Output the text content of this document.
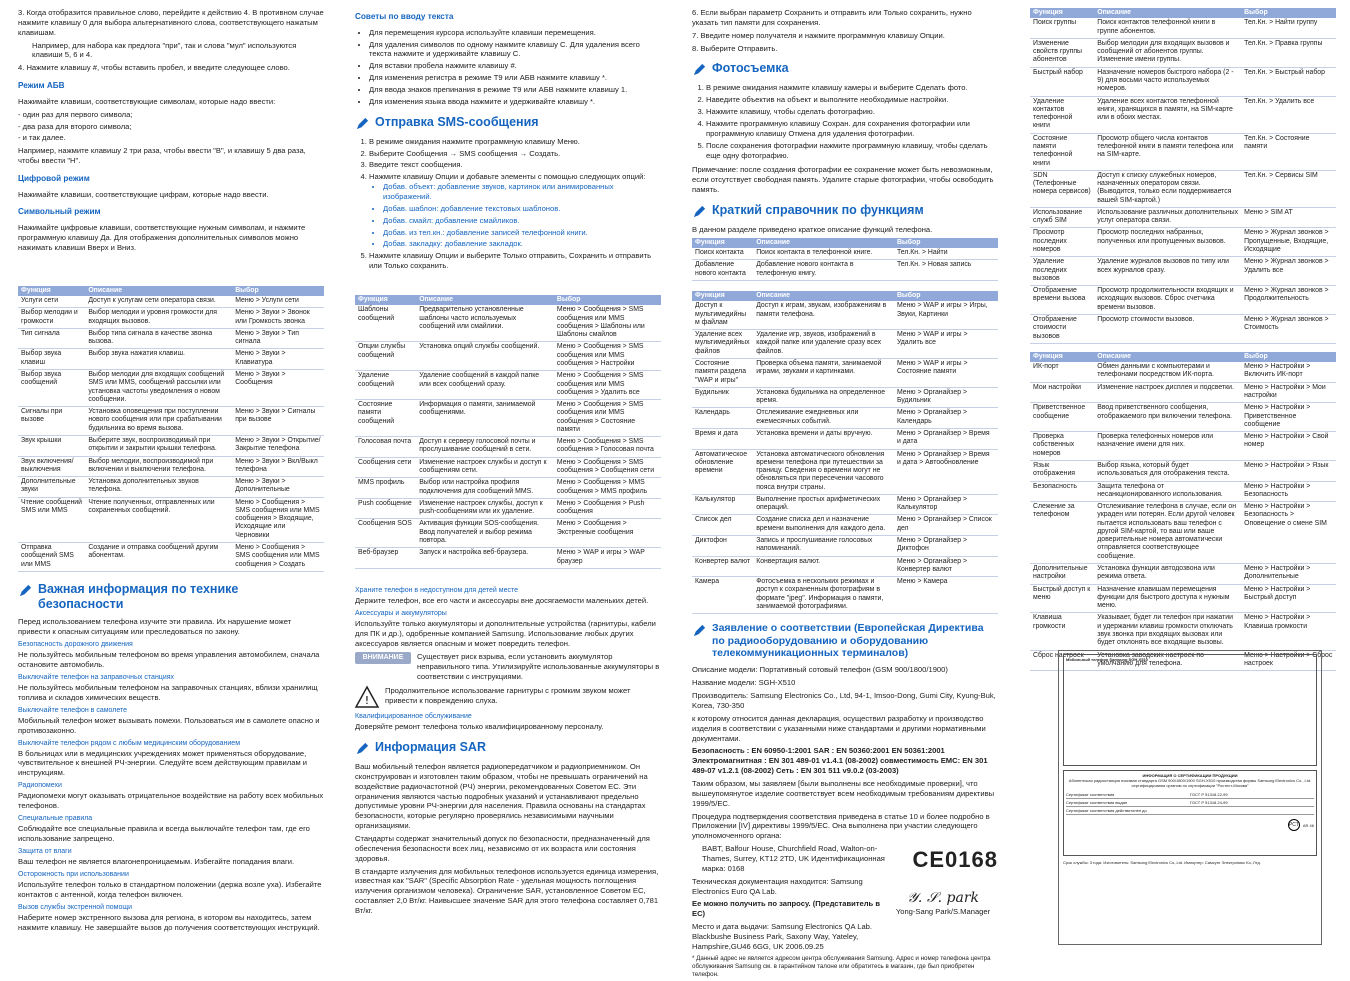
3. Когда отобразится правильное слово, перейдите к действию 4. В противном случае нажмите клавишу 0 для выбора альтернативного слова, соответствующего нажатым клавишам.

Например, для набора как предлога "при", так и слова "мул" используются клавиши 5, 6 и 4.

4. Нажмите клавишу #, чтобы вставить пробел, и введите следующее слово.

Режим АБВ

Нажимайте клавиши, соответствующие символам, которые надо ввести:

- один раз для первого символа;

- два раза для второго символа;

- и так далее.

Например, нажмите клавишу 2 три раза, чтобы ввести "В", и клавишу 5 два раза, чтобы ввести "Н".

Цифровой режим

Нажимайте клавиши, соответствующие цифрам, которые надо ввести.

Символьный режим

Нажимайте цифровые клавиши, соответствующие нужным символам, и нажмите программную клавишу Да. Для отображения дополнительных символов можно нажимать клавиши Вверх и Вниз.

Функция	Описание	Выбор
Услуги сети	Доступ к услугам сети оператора связи.	Меню > Услуги сети
Выбор мелодии и громкости	Выбор мелодии и уровня громкости для входящих вызовов.	Меню > Звуки > Звонок или Громкость звонка
Тип сигнала	Выбор типа сигнала в качестве звонка вызова.	Меню > Звуки > Тип сигнала
Выбор звука клавиш	Выбор звука нажатия клавиш.	Меню > Звуки > Клавиатура
Выбор звука сообщений	Выбор мелодии для входящих сообщений SMS или MMS, сообщений рассылки или установка частоты уведомления о новом сообщении.	Меню > Звуки > Сообщения
Сигналы при вызове	Установка оповещения при поступлении нового сообщения или при срабатывании будильника во время вызова.	Меню > Звуки > Сигналы при вызове
Звук крышки	Выберите звук, воспроизводимый при открытии и закрытии крышки телефона.	Меню > Звуки > Открытие/Закрытие телефона
Звук включения/ выключения	Выбор мелодии, воспроизводимой при включении и выключении телефона.	Меню > Звуки > Вкл/Выкл телефона
Дополнительные звуки	Установка дополнительных звуков телефона.	Меню > Звуки > Дополнительные
Чтение сообщений SMS или MMS	Чтение полученных, отправленных или сохраненных сообщений.	Меню > Сообщения > SMS сообщения или MMS сообщения > Входящие, Исходящие или Черновики
Отправка сообщений SMS или MMS	Создание и отправка сообщений другим абонентам.	Меню > Сообщения > SMS сообщения или MMS сообщения > Создать
Важная информация по технике безопасности

Перед использованием телефона изучите эти правила. Их нарушение может привести к опасным ситуациям или преследоваться по закону.

Безопасность дорожного движения

Не пользуйтесь мобильным телефоном во время управления автомобилем, сначала остановите автомобиль.

Выключайте телефон на заправочных станциях

Не пользуйтесь мобильным телефоном на заправочных станциях, вблизи хранилищ топлива и складов химических веществ.

Выключайте телефон в самолете

Мобильный телефон может вызывать помехи. Пользоваться им в самолете опасно и противозаконно.

Выключайте телефон рядом с любым медицинским оборудованием

В больницах или в медицинских учреждениях может применяться оборудование, чувствительное к внешней РЧ-энергии. Следуйте всем действующим правилам и инструкциям.

Радиопомехи

Радиопомехи могут оказывать отрицательное воздействие на работу всех мобильных телефонов.

Специальные правила

Соблюдайте все специальные правила и всегда выключайте телефон там, где его использование запрещено.

Защита от влаги

Ваш телефон не является влагонепроницаемым. Избегайте попадания влаги.

Осторожность при использовании

Используйте телефон только в стандартном положении (держа возле уха). Избегайте контактов с антенной, когда телефон включен.

Вызов службы экстренной помощи

Наберите номер экстренного вызова для региона, в котором вы находитесь, затем нажмите клавишу. Не завершайте вызов до получения соответствующих инструкций.

Советы по вводу текста
• Для перемещения курсора используйте клавиши перемещения.
• Для удаления символов по одному нажмите клавишу С. Для удаления всего текста нажмите и удерживайте клавишу С.
• Для вставки пробела нажмите клавишу #.
• Для изменения регистра в режиме Т9 или АБВ нажмите клавишу *.
• Для ввода знаков препинания в режиме Т9 или АБВ нажмите клавишу 1.
• Для изменения языка ввода нажмите и удерживайте клавишу *.
Отправка SMS-сообщения
1. В режиме ожидания нажмите программную клавишу Меню.
2. Выберите Сообщения → SMS сообщения → Создать.
3. Введите текст сообщения.
4. Нажмите клавишу Опции и добавьте элементы с помощью следующих опций:
• Добав. объект: добавление звуков, картинок или анимированных изображений.
• Добав. шаблон: добавление текстовых шаблонов.
• Добав. смайл: добавление смайликов.
• Добав. из тел.кн.: добавление записей телефонной книги.
• Добав. закладку: добавление закладок.
5. Нажмите клавишу Опции и выберите Только отправить, Сохранить и отправить или Только сохранить.
Функция	Описание	Выбор
Шаблоны сообщений	Предварительно установленные шаблоны часто используемых сообщений или смайлики.	Меню > Сообщения > SMS сообщения или MMS сообщения > Шаблоны или Шаблоны смайлов
Опции службы сообщений	Установка опций службы сообщений.	Меню > Сообщения > SMS сообщения или MMS сообщения > Настройки
Удаление сообщений	Удаление сообщений в каждой папке или всех сообщений сразу.	Меню > Сообщения > SMS сообщения или MMS сообщения > Удалить все
Состояние памяти сообщений	Информация о памяти, занимаемой сообщениями.	Меню > Сообщения > SMS сообщения или MMS сообщения > Состояние памяти
Голосовая почта	Доступ к серверу голосовой почты и прослушивание сообщений в сети.	Меню > Сообщения > SMS сообщения > Голосовая почта
Сообщения сети	Изменение настроек службы и доступ к сообщениям сети.	Меню > Сообщения > SMS сообщения > Сообщения сети
MMS профиль	Выбор или настройка профиля подключения для сообщений MMS.	Меню > Сообщения > MMS сообщения > MMS профиль
Push сообщение	Изменение настроек службы, доступ к push-сообщениям или их удаление.	Меню > Сообщения > Push сообщения
Сообщения SOS	Активация функции SOS-сообщения. Ввод получателей и выбор режима повтора.	Меню > Сообщения > Экстренные сообщения
Веб-браузер	Запуск и настройка веб-браузера.	Меню > WAP и игры > WAP браузер
Храните телефон в недоступном для детей месте

Держите телефон, все его части и аксессуары вне досягаемости маленьких детей.

Аксессуары и аккумуляторы

Используйте только аккумуляторы и дополнительные устройства (гарнитуры, кабели для ПК и др.), одобренные компанией Samsung. Использование любых других аксессуаров является опасным и может повредить телефон.

ВНИМАНИЕ	Существует риск взрыва, если установить аккумулятор неправильного типа. Утилизируйте использованные аккумуляторы в соответствии с инструкциями.
!
Продолжительное использование гарнитуры с громким звуком может привести к повреждению слуха.
Квалифицированное обслуживание

Доверяйте ремонт телефона только квалифицированному персоналу.

Информация SAR

Ваш мобильный телефон является радиопередатчиком и радиоприемником. Он сконструирован и изготовлен таким образом, чтобы не превышать ограничений на воздействие радиочастотной (РЧ) энергии, рекомендованных Советом ЕС. Эти ограничения являются частью подробных указаний и устанавливают предельно допустимые уровни РЧ-энергии для населения. Правила основаны на стандартах безопасности, которые регулярно проверялись независимыми научными организациями.

Стандарты содержат значительный допуск по безопасности, предназначенный для обеспечения безопасности всех лиц, независимо от их возраста или состояния здоровья.

В стандарте излучения для мобильных телефонов используется единица измерения, известная как "SAR" (Specific Absorption Rate - удельная мощность поглощения излучения организмом человека). Ограничение SAR, установленное Советом ЕС, составляет 2,0 Вт/кг. Наивысшее значение SAR для этого телефона составляет 0,781 Вт/кг.

6. Если выбран параметр Сохранить и отправить или Только сохранить, нужно указать тип памяти для сохранения.

7. Введите номер получателя и нажмите программную клавишу Опции.

8. Выберите Отправить.

Фотосъемка
1. В режиме ожидания нажмите клавишу камеры и выберите Сделать фото.
2. Наведите объектив на объект и выполните необходимые настройки.
3. Нажмите клавишу, чтобы сделать фотографию.
4. Нажмите программную клавишу Сохран. для сохранения фотографии или программную клавишу Отмена для удаления фотографии.
5. После сохранения фотографии нажмите программную клавишу, чтобы сделать еще одну фотографию.

Примечание: после создания фотографии ее сохранение может быть невозможным, если отсутствует свободная память. Удалите старые фотографии, чтобы освободить память.

Краткий справочник по функциям

В данном разделе приведено краткое описание функций телефона.

Функция	Описание	Выбор
Поиск контакта	Поиск контакта в телефонной книге.	Тел.Кн. > Найти
Добавление нового контакта	Добавление нового контакта в телефонную книгу.	Тел.Кн. > Новая запись
Функция	Описание	Выбор
Доступ к мультимедийным файлам	Доступ к играм, звукам, изображениям в памяти телефона.	Меню > WAP и игры > Игры, Звуки, Картинки
Удаление всех мультимедийных файлов	Удаление игр, звуков, изображений в каждой папке или удаление сразу всех файлов.	Меню > WAP и игры > Удалить все
Состояние памяти раздела "WAP и игры"	Проверка объема памяти, занимаемой играми, звуками и картинками.	Меню > WAP и игры > Состояние памяти
Будильник	Установка будильника на определенное время.	Меню > Органайзер > Будильник
Календарь	Отслеживание ежедневных или ежемесячных событий.	Меню > Органайзер > Календарь
Время и дата	Установка времени и даты вручную.	Меню > Органайзер > Время и дата
Автоматическое обновление времени	Установка автоматического обновления времени телефона при путешествии за границу. Сведения о времени могут не обновляться при пересечении часового пояса внутри страны.	Меню > Органайзер > Время и дата > Автообновление
Калькулятор	Выполнение простых арифметических операций.	Меню > Органайзер > Калькулятор
Список дел	Создание списка дел и назначение времени выполнения для каждого дела.	Меню > Органайзер > Список дел
Диктофон	Запись и прослушивание голосовых напоминаний.	Меню > Органайзер > Диктофон
Конвертер валют	Конвертация валют.	Меню > Органайзер > Конвертер валют
Камера	Фотосъемка в нескольких режимах и доступ к сохраненным фотографиям в формате "jpeg". Информация о памяти, занимаемой фотографиями.	Меню > Камера
Заявление о соответствии (Европейская Директива по радиооборудованию и оборудованию телекоммуникационных терминалов)

Описание модели: Портативный сотовый телефон (GSM 900/1800/1900)

Название модели: SGH-X510

Производитель: Samsung Electronics Co., Ltd, 94-1, Imsoo-Dong, Gumi City, Kyung-Buk, Korea, 730-350

к которому относится данная декларация, осуществил разработку и производство изделия в соответствии с указанными ниже стандартами и другими нормативными документами.

Безопасность : EN 60950-1:2001 SAR : EN 50360:2001 EN 50361:2001 Электромагнитная : EN 301 489-01 v1.4.1 (08-2002) совместимость EMC: EN 301 489-07 v1.2.1 (08-2002) Сеть : EN 301 511 v9.0.2 (03-2003)

Таким образом, мы заявляем [были выполнены все необходимые проверки], что вышеупомянутое изделие соответствует всем необходимым требованиям директивы 1999/5/EC.

Процедура подтверждения соответствия приведена в статье 10 и более подробно в Приложении [IV] директивы 1999/5/EC. Она выполнена при участии следующего уполномоченного органа:

BABT, Balfour House, Churchfield Road, Walton-on-Thames, Surrey, KT12 2TD, UK Идентификационная марка: 0168	CE0168

Техническая документация находится: Samsung Electronics Euro QA Lab.

Ее можно получить по запросу. (Представитель в ЕС)

Место и дата выдачи: Samsung Electronics QA Lab. Blackbushe Business Park, Saxony Way, Yateley, Hampshire,GU46 6GG, UK 2006.09.25

𝒴. 𝒮. park
Yong-Sang Park/S.Manager

* Данный адрес не является адресом центра обслуживания Samsung. Адрес и номер телефона центра обслуживания Samsung см. в гарантийном талоне или обратитесь в магазин, где был приобретен телефон.

Функция	Описание	Выбор
Поиск группы	Поиск контактов телефонной книги в группе абонентов.	Тел.Кн. > Найти группу
Изменение свойств группы абонентов	Выбор мелодии для входящих вызовов и сообщений от абонентов группы. Изменение имени группы.	Тел.Кн. > Правка группы
Быстрый набор	Назначение номеров быстрого набора (2 - 9) для восьми часто используемых номеров.	Тел.Кн. > Быстрый набор
Удаление контактов телефонной книги	Удаление всех контактов телефонной книги, хранящихся в памяти, на SIM-карте или в обоих местах.	Тел.Кн. > Удалить все
Состояние памяти телефонной книги	Просмотр общего числа контактов телефонной книги в памяти телефона или на SIM-карте.	Тел.Кн. > Состояние памяти
SDN (Телефонные номера сервисов)	Доступ к списку служебных номеров, назначенных оператором связи. (Выводится, только если поддерживается вашей SIM-картой.)	Тел.Кн. > Сервисы SIM
Использование служб SIM	Использование различных дополнительных услуг оператора связи.	Меню > SIM AT
Просмотр последних номеров	Просмотр последних набранных, полученных или пропущенных вызовов.	Меню > Журнал звонков > Пропущенные, Входящие, Исходящие
Удаление последних вызовов	Удаление журналов вызовов по типу или всех журналов сразу.	Меню > Журнал звонков > Удалить все
Отображение времени вызова	Просмотр продолжительности входящих и исходящих вызовов. Сброс счетчика времени вызовов.	Меню > Журнал звонков > Продолжительность
Отображение стоимости вызовов	Просмотр стоимости вызовов.	Меню > Журнал звонков > Стоимость
Функция	Описание	Выбор
ИК-порт	Обмен данными с компьютерами и телефонами посредством ИК-порта.	Меню > Настройки > Включить ИК-порт
Мои настройки	Изменение настроек дисплея и подсветки.	Меню > Настройки > Мои настройки
Приветственное сообщение	Ввод приветственного сообщения, отображаемого при включении телефона.	Меню > Настройки > Приветственное сообщение
Проверка собственных номеров	Проверка телефонных номеров или назначение имени для них.	Меню > Настройки > Свой номер
Язык отображения	Выбор языка, который будет использоваться для отображения текста.	Меню > Настройки > Язык
Безопасность	Защита телефона от несанкционированного использования.	Меню > Настройки > Безопасность
Слежение за телефоном	Отслеживание телефона в случае, если он украден или потерян. Если другой человек пытается использовать ваш телефон с другой SIM-картой, то ваш или ваше доверительные номера автоматически отправляется соответствующее сообщение.	Меню > Настройки > Безопасность > Оповещение о смене SIM
Дополнительные настройки	Установка функции автодозвона или режима ответа.	Меню > Настройки > Дополнительные
Быстрый доступ к меню	Назначение клавишам перемещения функции для быстрого доступа к нужным меню.	Меню > Настройки > Быстрый доступ
Клавиша громкости	Указывает, будет ли телефон при нажатии и удержании клавиш громкости отключать звук звонка при входящих вызовах или будет отклонять все входящие вызовы.	Меню > Настройки > Клавиша громкости
Сброс настроек	Установка заводских настроек по умолчанию для телефона.	Меню > Настройки > Сброс настроек
Мобильный телефон Samsung SGH-X510
ИНФОРМАЦИЯ О СЕРТИФИКАЦИИ ПРОДУКЦИИ
Абонентская радиостанция носимая стандарта GSM 900/1800/1900 SGH-X510 производства фирмы Samsung Electronics Co., Ltd. сертифицирована органом по сертификации "Ростест-Москва"
Сертификат соответствия	ГОСТ Р 51318.22-99
Сертификат соответствия выдан	ГОСТ Р 51318.24-99
Сертификат соответствия действителен до
PCT AR 46
Срок службы: 3 года. Изготовитель: Samsung Electronics Co.,Ltd. Импортер: Самсунг Электроникс Ко.,Лтд.
